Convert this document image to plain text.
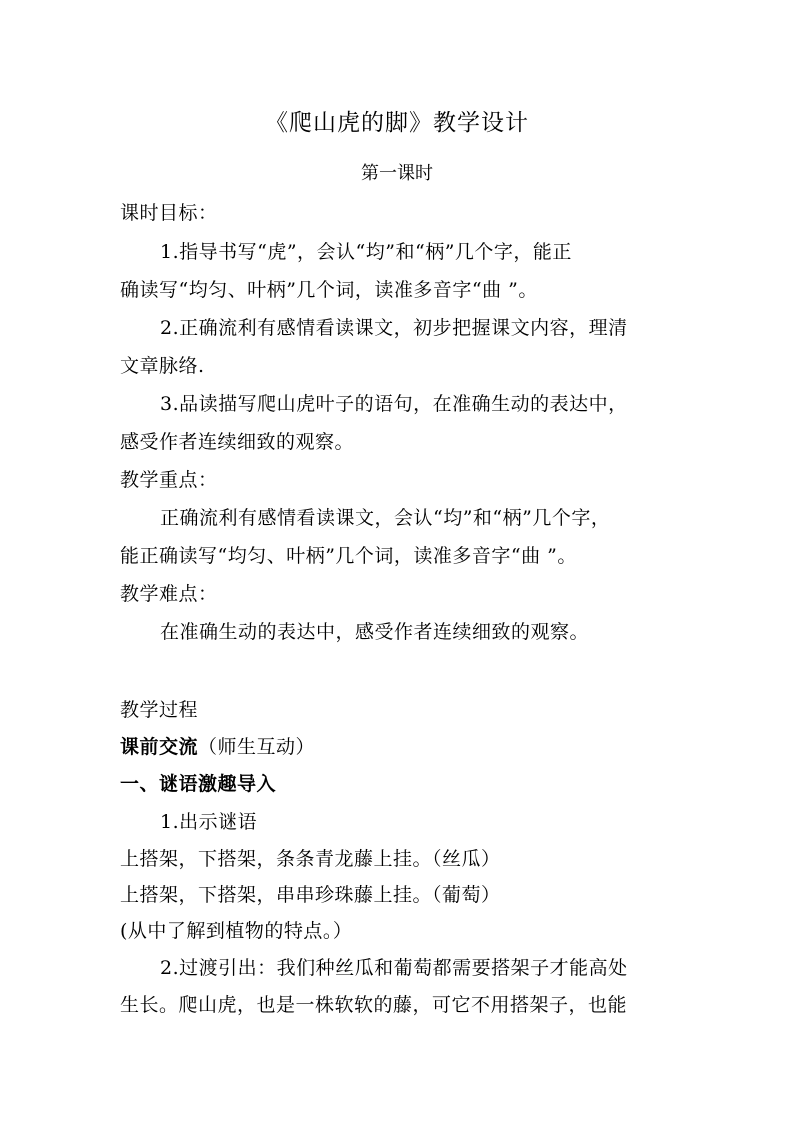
《爬山虎的脚》教学设计
第一课时
课时目标：
1.指导书写“虎”，会认“均”和“柄”几个字，能正
确读写“均匀、叶柄”几个词，读准多音字“曲 ”。
2.正确流利有感情看读课文，初步把握课文内容，理清
文章脉络.
3.品读描写爬山虎叶子的语句，在准确生动的表达中，
感受作者连续细致的观察。
教学重点：
正确流利有感情看读课文，会认“均”和“柄”几个字，
能正确读写“均匀、叶柄”几个词，读准多音字“曲 ”。
教学难点：
在准确生动的表达中，感受作者连续细致的观察。
教学过程
课前交流（师生互动）
一、谜语激趣导入
1.出示谜语
上搭架，下搭架，条条青龙藤上挂。（丝瓜）
上搭架，下搭架，串串珍珠藤上挂。（葡萄）
(从中了解到植物的特点。）
2.过渡引出：我们种丝瓜和葡萄都需要搭架子才能高处
生长。爬山虎，也是一株软软的藤，可它不用搭架子，也能
